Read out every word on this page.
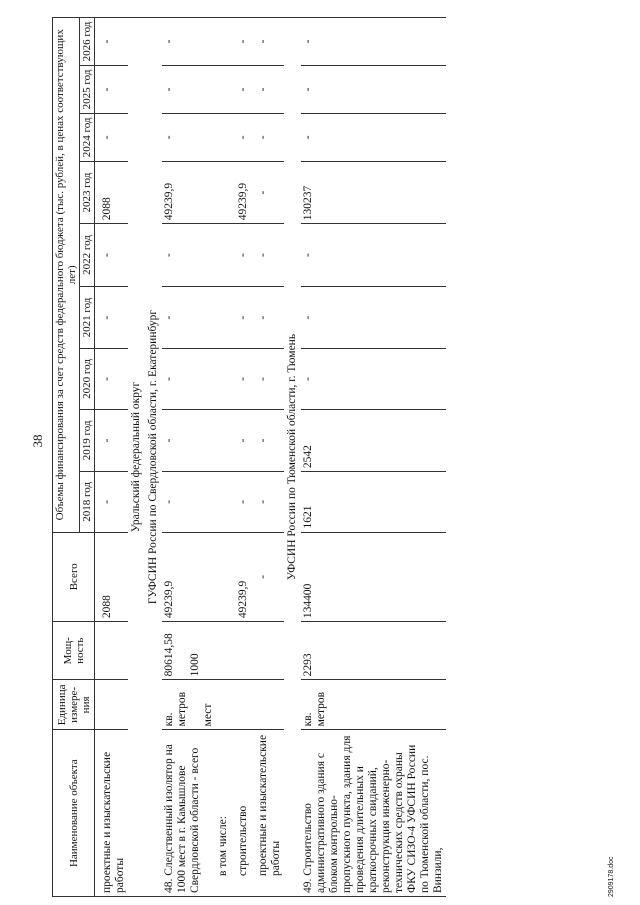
38
Наименование объекта	Единица измере-ния	Мощ-ность	Всего	Объемы финансирования за счет средств федерального бюджета (тыс. рублей, в ценах соответствующих лет)								
				2018 год	2019 год	2020 год	2021 год	2022 год	2023 год	2024 год	2025 год	2026 год
проектные и изыскательские работы			2088	-	-	-	-	-	2088	-	-	-
Уральский федеральный округ												
ГУФСИН России по Свердловской области, г. Екатеринбург												
48. Следственный изолятор на 1000 мест в г. Камышлове Свердловской области - всего	кв. метров мест	80614,58 1000	49239,9	-	-	-	-	-	49239,9	-	-	-
в том числе:												
строительство			49239,9	-	-	-	-	-	49239,9	-	-	-
проектные и изыскательские работы			-	-	-	-	-	-	-	-	-	-
УФСИН России по Тюменской области, г. Тюмень												
49. Строительство административного здания с блоком контрольно-пропускного пункта, здания для проведения длительных и краткосрочных свиданий, реконструкция инженерно-технических средств охраны ФКУ СИЗО-4 УФСИН России по Тюменской области, пос. Винзили,	кв. метров	2293	134400	1621	2542	-	-	-	130237	-	-	-
2909178.doc
